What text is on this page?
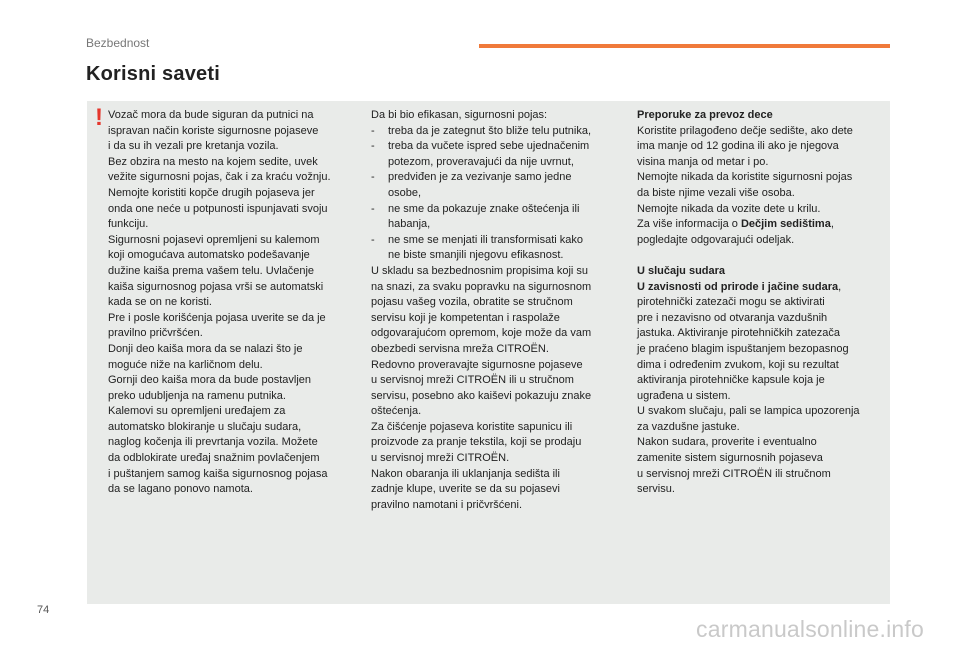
Bezbednost
Korisni saveti
! Vozač mora da bude siguran da putnici na

ispravan način koriste sigurnosne pojaseve

i da su ih vezali pre kretanja vozila.

Bez obzira na mesto na kojem sedite, uvek

vežite sigurnosni pojas, čak i za kraću vožnju.

Nemojte koristiti kopče drugih pojaseva jer

onda one neće u potpunosti ispunjavati svoju

funkciju.

Sigurnosni pojasevi opremljeni su kalemom

koji omogućava automatsko podešavanje

dužine kaiša prema vašem telu. Uvlačenje

kaiša sigurnosnog pojasa vrši se automatski

kada se on ne koristi.

Pre i posle korišćenja pojasa uverite se da je

pravilno pričvršćen.

Donji deo kaiša mora da se nalazi što je

moguće niže na karličnom delu.

Gornji deo kaiša mora da bude postavljen

preko udubljenja na ramenu putnika.

Kalemovi su opremljeni uređajem za

automatsko blokiranje u slučaju sudara,

naglog kočenja ili prevrtanja vozila. Možete

da odblokirate uređaj snažnim povlačenjem

i puštanjem samog kaiša sigurnosnog pojasa

da se lagano ponovo namota.

Da bi bio efikasan, sigurnosni pojas:

-	treba da je zategnut što bliže telu putnika,

-	treba da vučete ispred sebe ujednačenim

potezom, proveravajući da nije uvrnut,

-	predviđen je za vezivanje samo jedne

osobe,

-	ne sme da pokazuje znake oštećenja ili

habanja,

-	ne sme se menjati ili transformisati kako

ne biste smanjili njegovu efikasnost.

U skladu sa bezbednosnim propisima koji su

na snazi, za svaku popravku na sigurnosnom

pojasu vašeg vozila, obratite se stručnom

servisu koji je kompetentan i raspolaže

odgovarajućom opremom, koje može da vam

obezbedi servisna mreža CITROËN.

Redovno proveravajte sigurnosne pojaseve

u servisnoj mreži CITROËN ili u stručnom

servisu, posebno ako kaiševi pokazuju znake

oštećenja.

Za čišćenje pojaseva koristite sapunicu ili

proizvode za pranje tekstila, koji se prodaju

u servisnoj mreži CITROËN.

Nakon obaranja ili uklanjanja sedišta ili

zadnje klupe, uverite se da su pojasevi

pravilno namotani i pričvršćeni.

Preporuke za prevoz dece

Koristite prilagođeno dečje sedište, ako dete

ima manje od 12 godina ili ako je njegova

visina manja od metar i po.

Nemojte nikada da koristite sigurnosni pojas

da biste njime vezali više osoba.

Nemojte nikada da vozite dete u krilu.

Za više informacija o Dečjim sedištima,

pogledajte odgovarajući odeljak.

U slučaju sudara

U zavisnosti od prirode i jačine sudara,

pirotehnički zatezači mogu se aktivirati

pre i nezavisno od otvaranja vazdušnih

jastuka. Aktiviranje pirotehničkih zatezača

je praćeno blagim ispuštanjem bezopasnog

dima i određenim zvukom, koji su rezultat

aktiviranja pirotehničke kapsule koja je

ugrađena u sistem.

U svakom slučaju, pali se lampica upozorenja

za vazdušne jastuke.

Nakon sudara, proverite i eventualno

zamenite sistem sigurnosnih pojaseva

u servisnoj mreži CITROËN ili stručnom

servisu.

74
carmanualsonline.info
